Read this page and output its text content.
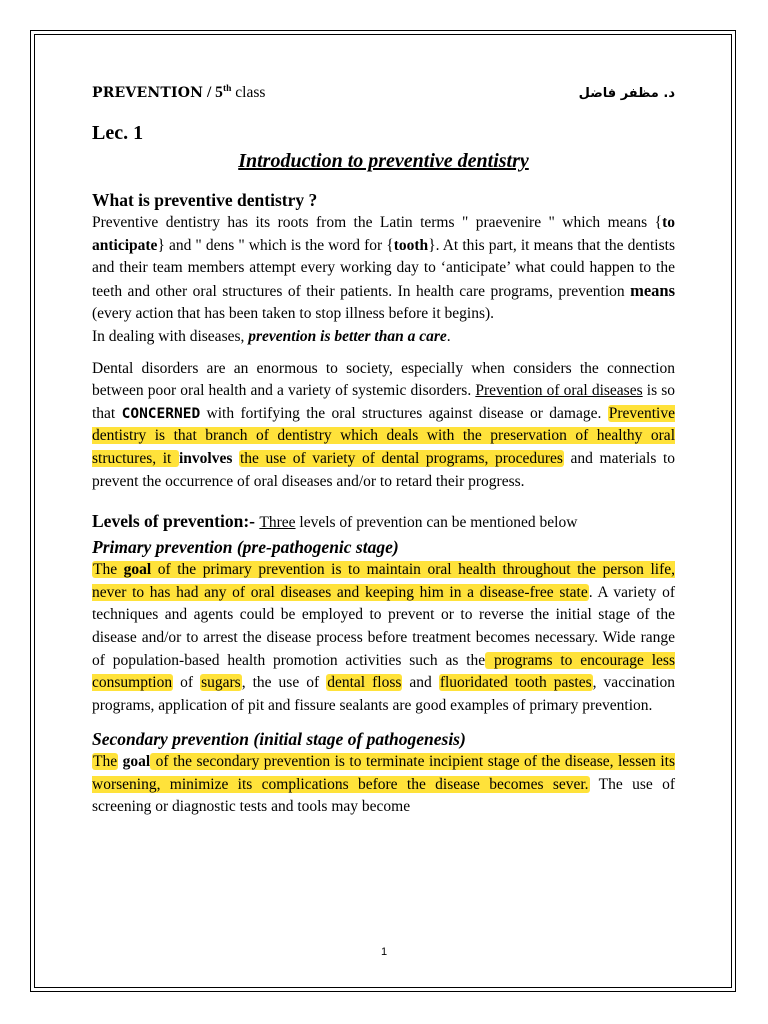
PREVENTION / 5th class	د. مظفر فاضل
Lec. 1
Introduction to preventive dentistry
What is preventive dentistry ?

Preventive dentistry has its roots from the Latin terms " praevenire " which means {to anticipate} and " dens " which is the word for {tooth}. At this part, it means that the dentists and their team members attempt every working day to ‘anticipate’ what could happen to the teeth and other oral structures of their patients. In health care programs, prevention means (every action that has been taken to stop illness before it begins).

In dealing with diseases, prevention is better than a care.

Dental disorders are an enormous to society, especially when considers the connection between poor oral health and a variety of systemic disorders. Prevention of oral diseases is so that CONCERNED with fortifying the oral structures against disease or damage. Preventive dentistry is that branch of dentistry which deals with the preservation of healthy oral structures, it involves the use of variety of dental programs, procedures and materials to prevent the occurrence of oral diseases and/or to retard their progress.

Levels of prevention:- Three levels of prevention can be mentioned below
Primary prevention (pre-pathogenic stage)

The goal of the primary prevention is to maintain oral health throughout the person life, never to has had any of oral diseases and keeping him in a disease-free state. A variety of techniques and agents could be employed to prevent or to reverse the initial stage of the disease and/or to arrest the disease process before treatment becomes necessary. Wide range of population-based health promotion activities such as the programs to encourage less consumption of sugars, the use of dental floss and fluoridated tooth pastes, vaccination programs, application of pit and fissure sealants are good examples of primary prevention.

Secondary prevention (initial stage of pathogenesis)

The goal of the secondary prevention is to terminate incipient stage of the disease, lessen its worsening, minimize its complications before the disease becomes sever. The use of screening or diagnostic tests and tools may become

1
